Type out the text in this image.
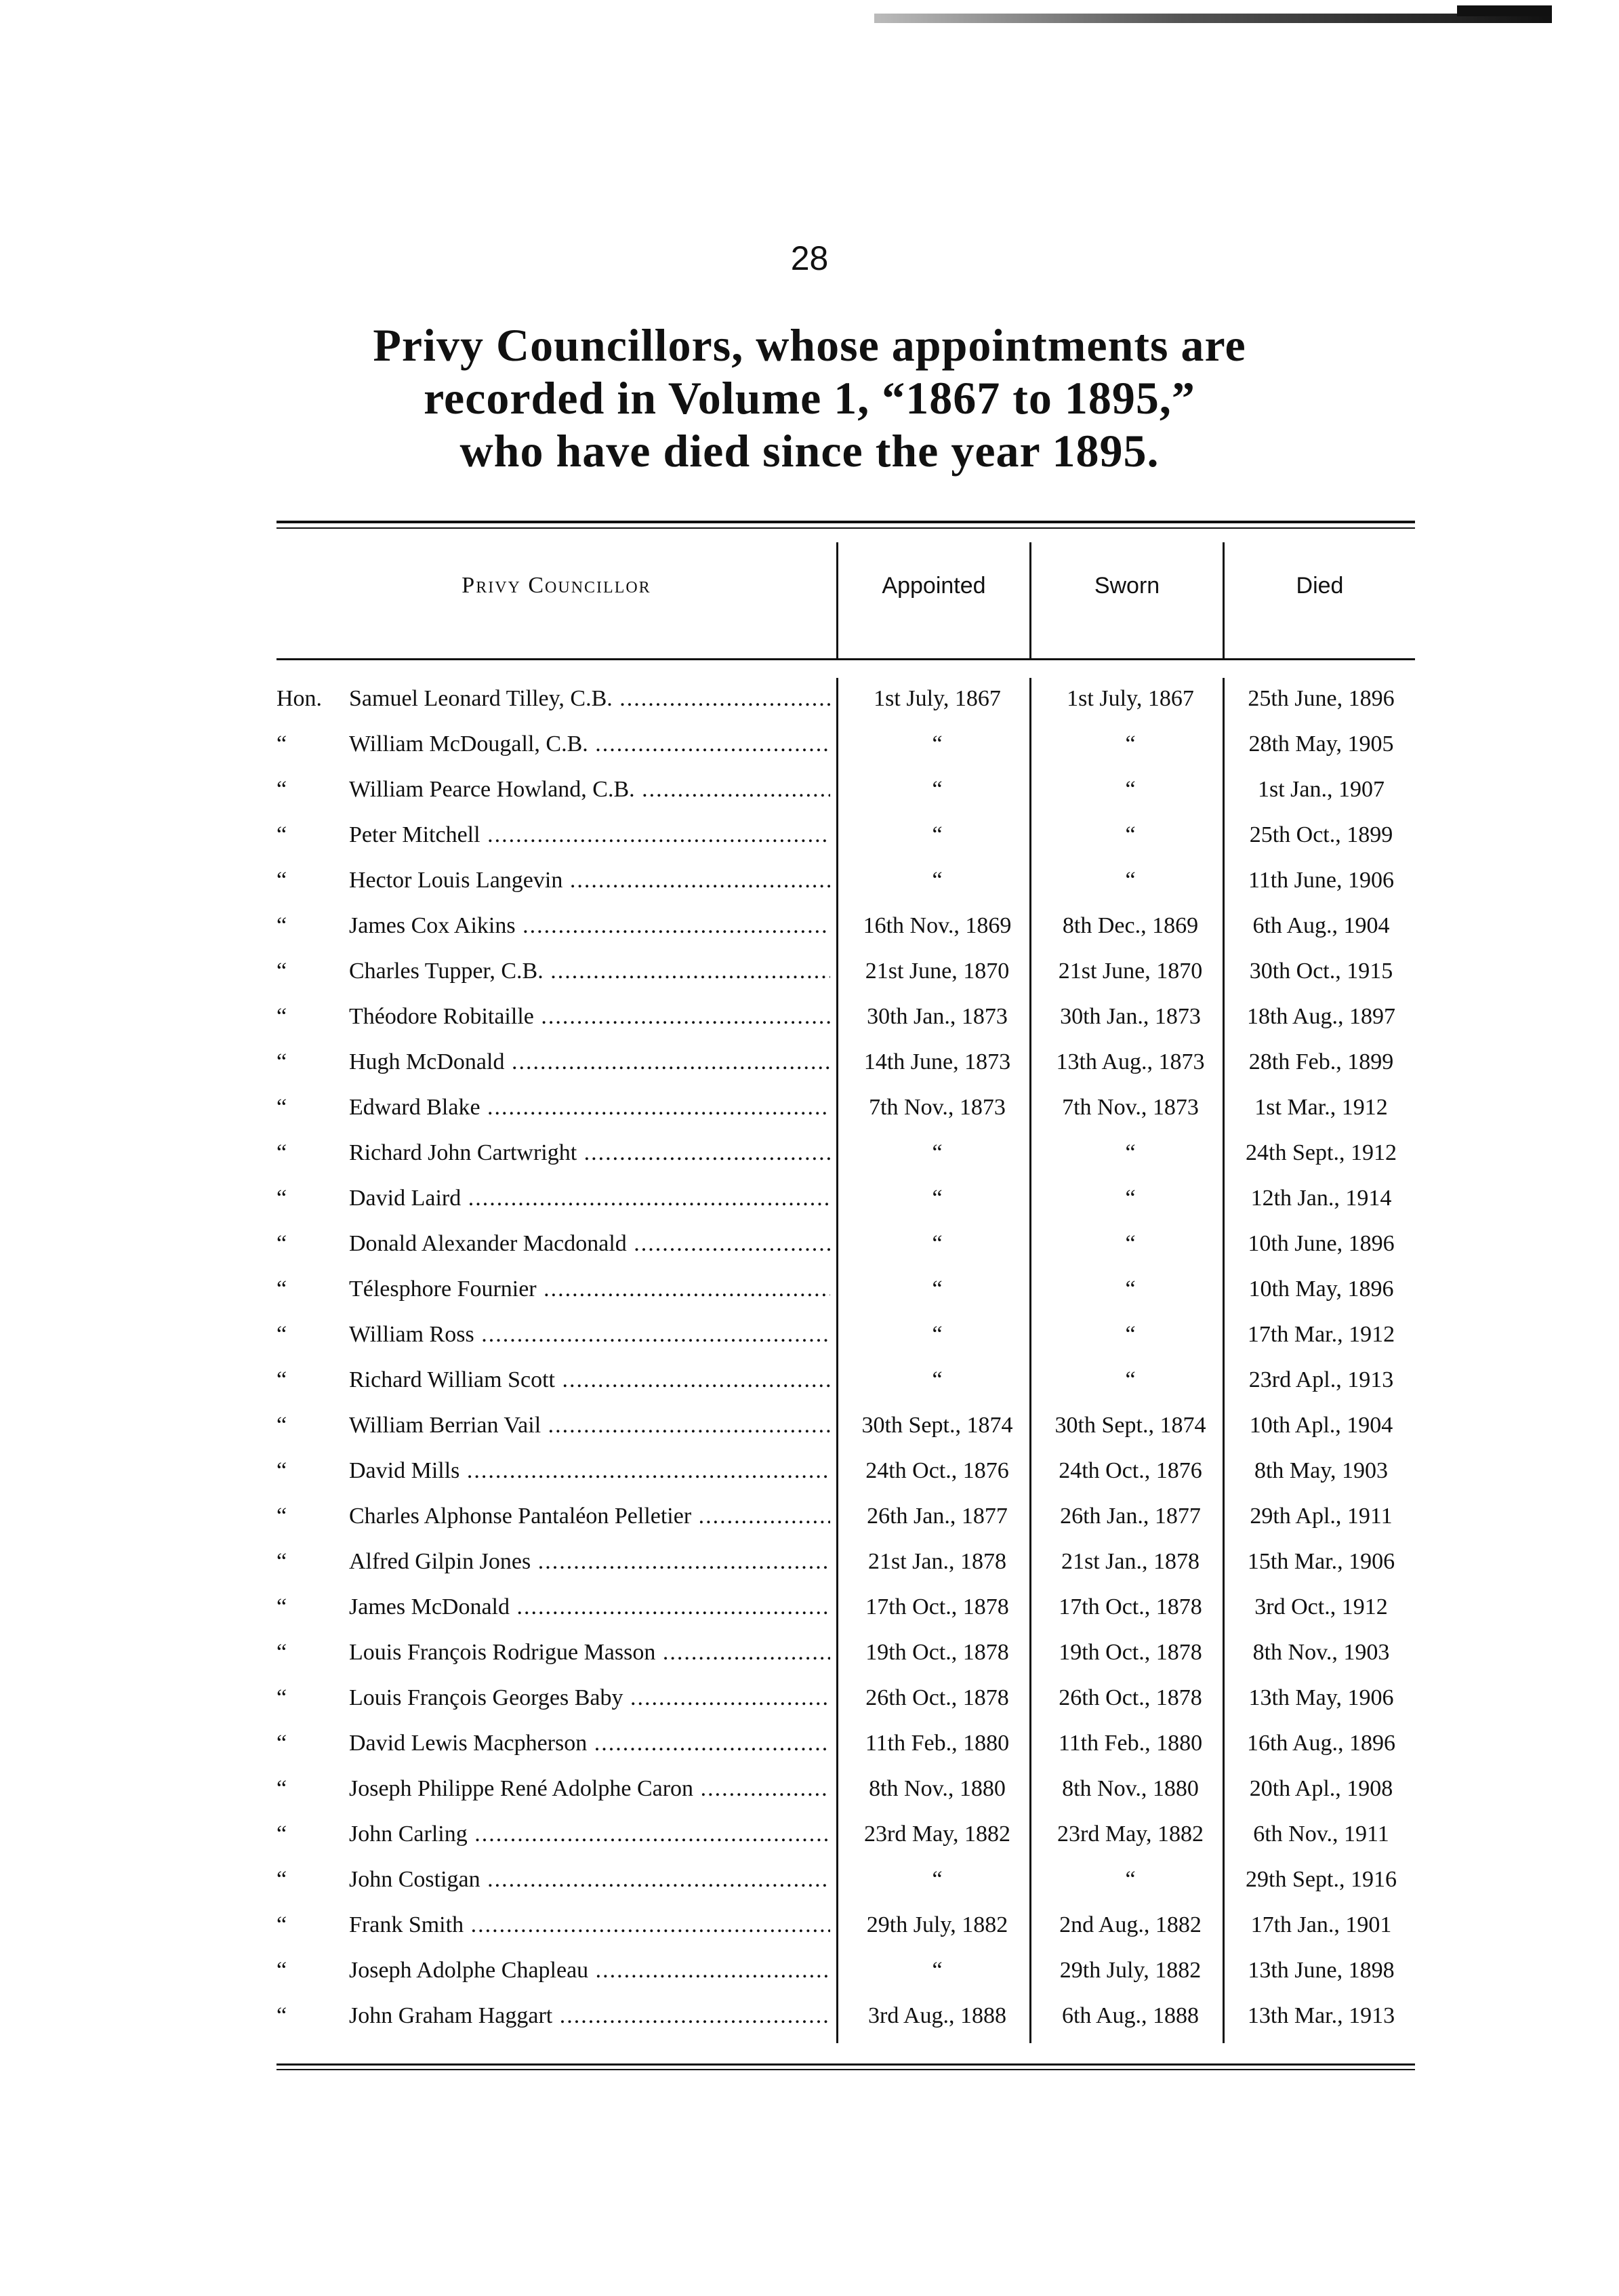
28
Privy Councillors, whose appointments are
recorded in Volume 1, “1867 to 1895,”
who have died since the year 1895.
Privy Councillor	Appointed	Sworn	Died
Hon.	Samuel Leonard Tilley, C.B. .....	1st July, 1867	1st July, 1867	25th June, 1896
“	William McDougall, C.B. .....	“	“	28th May, 1905
“	William Pearce Howland, C.B. .....	“	“	1st Jan., 1907
“	Peter Mitchell .....	“	“	25th Oct., 1899
“	Hector Louis Langevin .....	“	“	11th June, 1906
“	James Cox Aikins .....	16th Nov., 1869	8th Dec., 1869	6th Aug., 1904
“	Charles Tupper, C.B. .....	21st June, 1870	21st June, 1870	30th Oct., 1915
“	Théodore Robitaille .....	30th Jan., 1873	30th Jan., 1873	18th Aug., 1897
“	Hugh McDonald .....	14th June, 1873	13th Aug., 1873	28th Feb., 1899
“	Edward Blake .....	7th Nov., 1873	7th Nov., 1873	1st Mar., 1912
“	Richard John Cartwright .....	“	“	24th Sept., 1912
“	David Laird .....	“	“	12th Jan., 1914
“	Donald Alexander Macdonald .....	“	“	10th June, 1896
“	Télesphore Fournier .....	“	“	10th May, 1896
“	William Ross .....	“	“	17th Mar., 1912
“	Richard William Scott .....	“	“	23rd Apl., 1913
“	William Berrian Vail .....	30th Sept., 1874	30th Sept., 1874	10th Apl., 1904
“	David Mills .....	24th Oct., 1876	24th Oct., 1876	8th May, 1903
“	Charles Alphonse Pantaléon Pelletier .....	26th Jan., 1877	26th Jan., 1877	29th Apl., 1911
“	Alfred Gilpin Jones .....	21st Jan., 1878	21st Jan., 1878	15th Mar., 1906
“	James McDonald .....	17th Oct., 1878	17th Oct., 1878	3rd Oct., 1912
“	Louis François Rodrigue Masson .....	19th Oct., 1878	19th Oct., 1878	8th Nov., 1903
“	Louis François Georges Baby .....	26th Oct., 1878	26th Oct., 1878	13th May, 1906
“	David Lewis Macpherson .....	11th Feb., 1880	11th Feb., 1880	16th Aug., 1896
“	Joseph Philippe René Adolphe Caron .....	8th Nov., 1880	8th Nov., 1880	20th Apl., 1908
“	John Carling .....	23rd May, 1882	23rd May, 1882	6th Nov., 1911
“	John Costigan .....	“	“	29th Sept., 1916
“	Frank Smith .....	29th July, 1882	2nd Aug., 1882	17th Jan., 1901
“	Joseph Adolphe Chapleau .....	“	29th July, 1882	13th June, 1898
“	John Graham Haggart .....	3rd Aug., 1888	6th Aug., 1888	13th Mar., 1913
